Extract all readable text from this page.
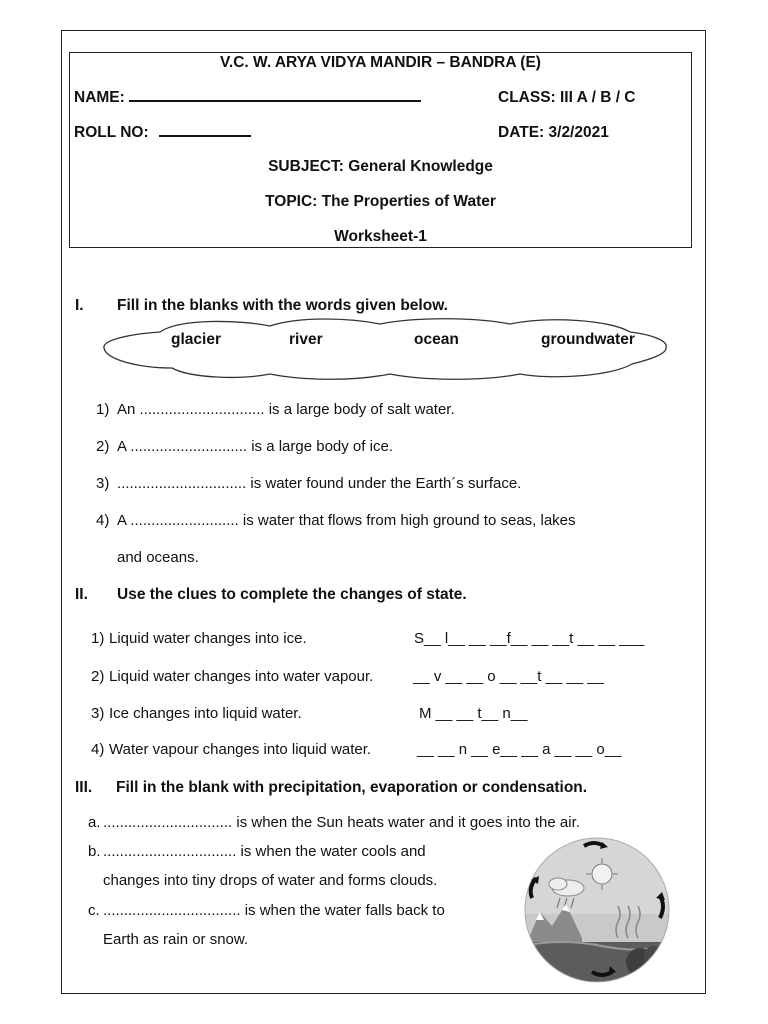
V.C. W. ARYA VIDYA MANDIR – BANDRA (E)
NAME:	CLASS: III A / B / C
ROLL NO:	DATE: 3/2/2021
SUBJECT: General Knowledge
TOPIC: The Properties of Water
Worksheet-1
I. Fill in the blanks with the words given below.
glacier	river	ocean	groundwater
1) An .............................. is a large body of salt water.
2) A ............................ is a large body of ice.
3) ............................... is water found under the Earth´s surface.
4) A .......................... is water that flows from high ground to seas, lakes
and oceans.
II. Use the clues to complete the changes of state.
1) Liquid water changes into ice.	S__ l__ __ __f__ __ __t __ __ ___
2) Liquid water changes into water vapour.	__ v __ __ o __ __t __ __ __
3) Ice changes into liquid water.	M __ __ t__ n__
4) Water vapour changes into liquid water.	__ __ n __ e__ __ a __ __ o__
III. Fill in the blank with precipitation, evaporation or condensation.
a. ............................... is when the Sun heats water and it goes into the air.
b. ................................ is when the water cools and
changes into tiny drops of water and forms clouds.
c. ................................. is when the water falls back to
Earth as rain or snow.
